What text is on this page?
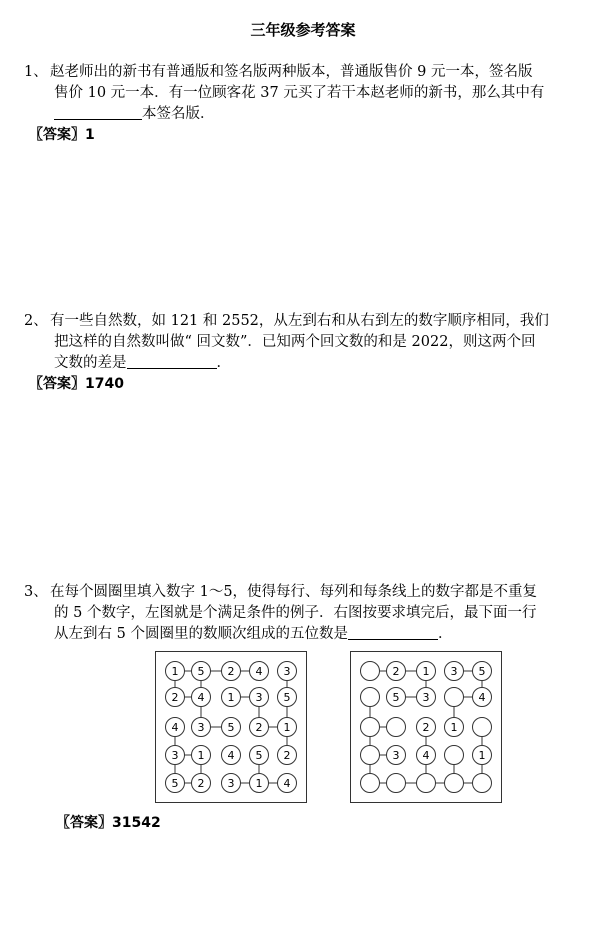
三年级参考答案
1、 赵老师出的新书有普通版和签名版两种版本，普通版售价 9 元一本，签名版
售价 10 元一本．有一位顾客花 37 元买了若干本赵老师的新书，那么其中有
本签名版．
〖答案〗1
2、 有一些自然数，如 121 和 2552，从左到右和从右到左的数字顺序相同，我们
把这样的自然数叫做“ 回文数”．已知两个回文数的和是 2022，则这两个回
文数的差是	．
〖答案〗1740
3、 在每个圆圈里填入数字 1～5，使得每行、每列和每条线上的数字都是不重复
的 5 个数字，左图就是个满足条件的例子．右图按要求填完后，最下面一行
从左到右 5 个圆圈里的数顺次组成的五位数是	．
1 5 2 4 3
2 4 1 3 5
4 3 5 2 1
3 1 4 5 2
5 2 3 1 4
2 1 3 5
5 3	4
2 1
3 4	1
〖答案〗31542
